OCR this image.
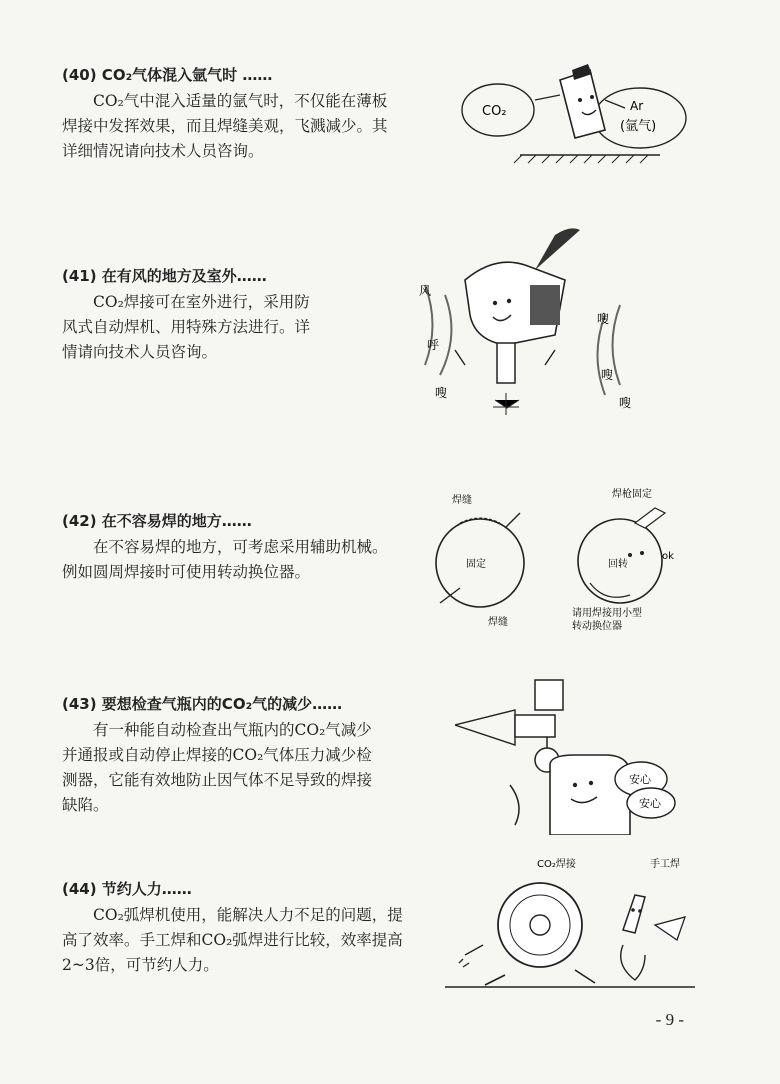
(40) CO₂气体混入氩气时 ……
CO₂气中混入适量的氩气时，不仅能在薄板焊接中发挥效果，而且焊缝美观，飞溅减少。其详细情况请向技术人员咨询。
(41) 在有风的地方及室外……
CO₂焊接可在室外进行，采用防风式自动焊机、用特殊方法进行。详情请向技术人员咨询。
(42) 在不容易焊的地方……
在不容易焊的地方，可考虑采用辅助机械。例如圆周焊接时可使用转动换位器。
(43) 要想检查气瓶内的CO₂气的减少……
有一种能自动检查出气瓶内的CO₂气减少并通报或自动停止焊接的CO₂气体压力减少检测器，它能有效地防止因气体不足导致的焊接缺陷。
(44) 节约人力……
CO₂弧焊机使用，能解决人力不足的问题，提高了效率。手工焊和CO₂弧焊进行比较，效率提高2~3倍，可节约人力。
CO₂	Ar
(氩气)
风
呼
嗖
嗖
嗖
嗖
固定
焊缝
焊缝
回转
焊枪固定
ok
请用焊接用小型
转动换位器
安心
安心
CO₂焊接	手工焊
- 9 -
